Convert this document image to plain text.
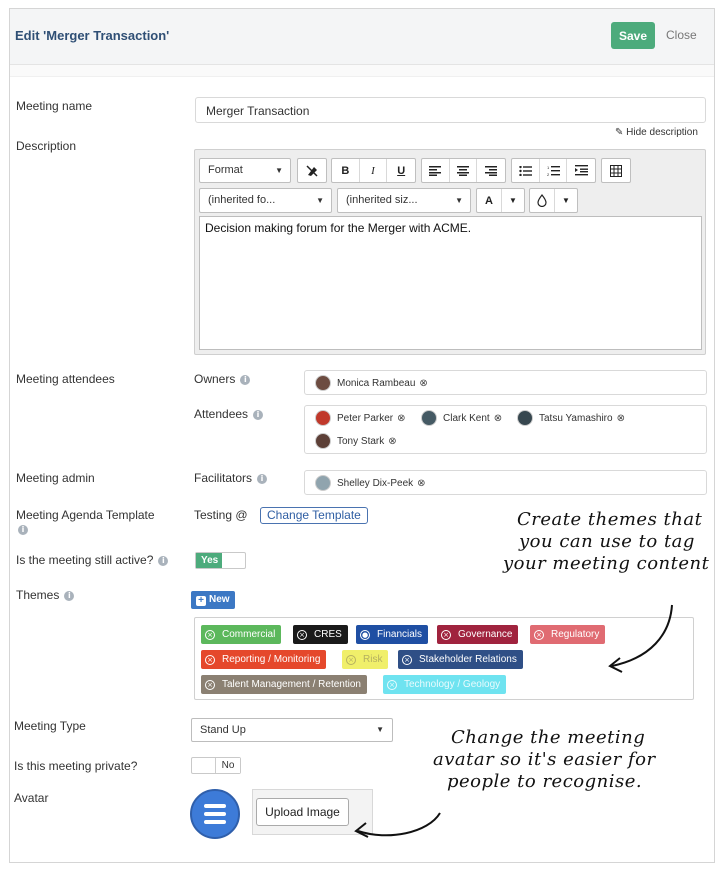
Edit 'Merger Transaction'	Save	Close
Meeting name	Merger Transaction
✎ Hide description
Description
Format	▼	B	I	U	1
2
(inherited fo...	▼	(inherited siz...	▼	A	▼	▼
Decision making forum for the Merger with ACME.
Meeting attendees	Owners i	Monica Rambeau ⊗
Attendees i	Peter Parker ⊗	Clark Kent ⊗	Tatsu Yamashiro ⊗
Tony Stark ⊗
Meeting admin	Facilitators i	Shelley Dix-Peek ⊗
Meeting Agenda Template
i
Testing @	Change Template
Is the meeting still active? i	Yes
Themes i	+ New
× Commercial	× CRES	● Financials	× Governance	× Regulatory
× Reporting / Monitoring	× Risk	× Stakeholder Relations
× Talent Management / Retention	× Technology / Geology
Meeting Type	Stand Up	▼
Is this meeting private?	No
Avatar
Upload Image
Create themes that
you can use to tag
your meeting content
Change the meeting
avatar so it's easier for
people to recognise.
